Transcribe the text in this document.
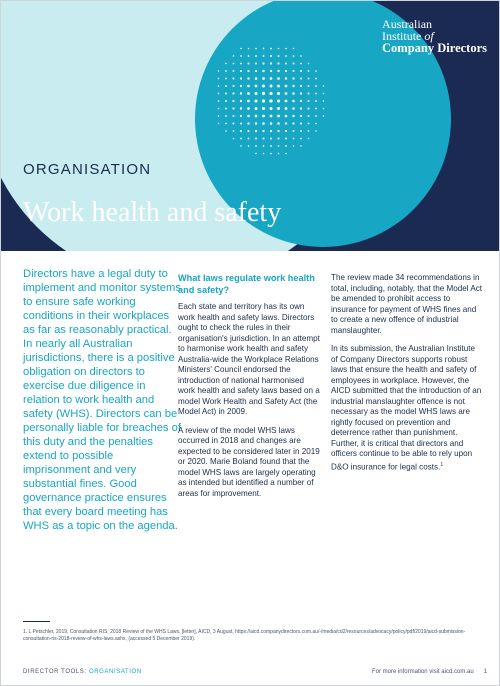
Australian
Institute of
Company Directors
ORGANISATION
Work health and safety
Directors have a legal duty to implement and monitor systems to ensure safe working conditions in their workplaces as far as reasonably practical. In nearly all Australian jurisdictions, there is a positive obligation on directors to exercise due diligence in relation to work health and safety (WHS). Directors can be personally liable for breaches of this duty and the penalties extend to possible imprisonment and very substantial fines. Good governance practice ensures that every board meeting has WHS as a topic on the agenda.
What laws regulate work health and safety?

Each state and territory has its own work health and safety laws. Directors ought to check the rules in their organisation's jurisdiction. In an attempt to harmonise work health and safety Australia-wide the Workplace Relations Ministers' Council endorsed the introduction of national harmonised work health and safety laws based on a model Work Health and Safety Act (the Model Act) in 2009.

A review of the model WHS laws occurred in 2018 and changes are expected to be considered later in 2019 or 2020. Marie Boland found that the model WHS laws are largely operating as intended but identified a number of areas for improvement.

The review made 34 recommendations in total, including, notably, that the Model Act be amended to prohibit access to insurance for payment of WHS fines and to create a new offence of industrial manslaughter.

In its submission, the Australian Institute of Company Directors supports robust laws that ensure the health and safety of employees in workplace. However, the AICD submitted that the introduction of an industrial manslaughter offence is not necessary as the model WHS laws are rightly focused on prevention and deterrence rather than punishment. Further, it is critical that directors and officers continue to be able to rely upon D&O insurance for legal costs.$^1$

1. L Petschler, 2019, Consultation RIS: 2018 Review of the WHS Laws, [letter], AICD, 3 August, https://aicd.companydirectors.com.au/-/media/cd2/resources/advocacy/policy/pdf/2019/aicd-submission-consultation-ris-2018-review-of-whs-laws.ashx, (accessed 5 December 2019).
DIRECTOR TOOLS: ORGANISATION	For more information visit aicd.com.au 1
